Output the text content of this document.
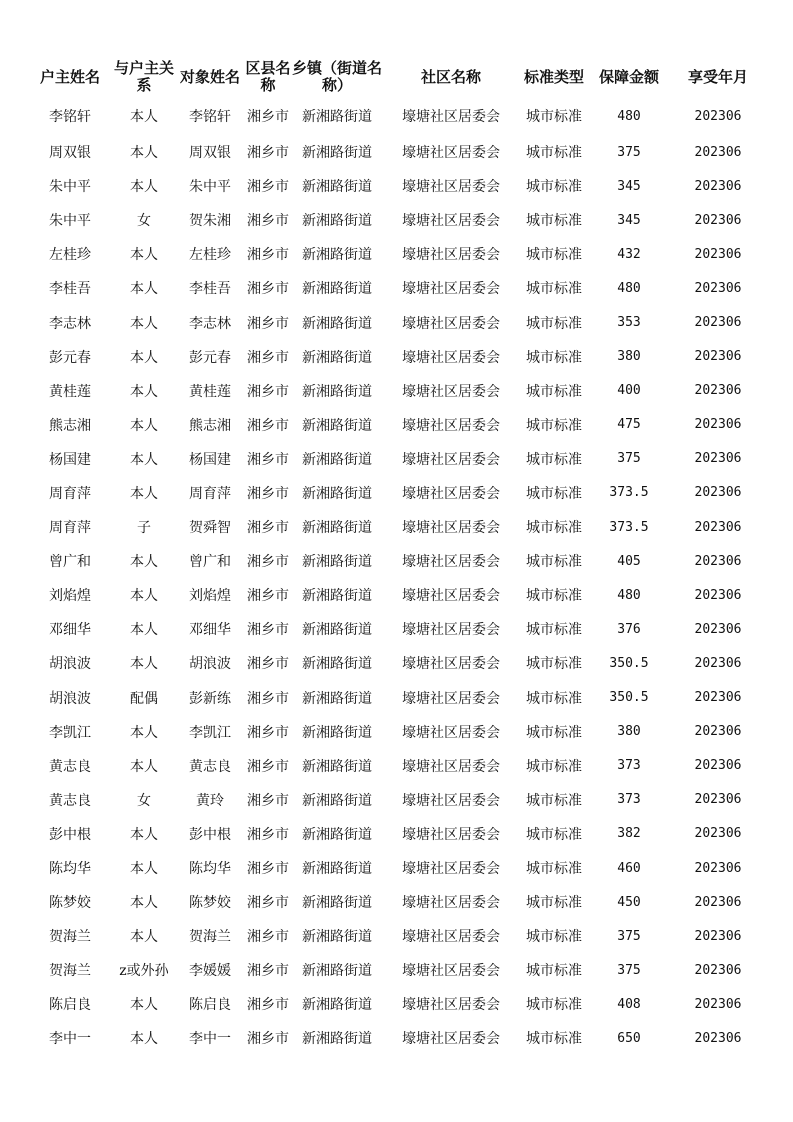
户主姓名	与户主关系	对象姓名	区县名称	乡镇（街道名称）	社区名称	标准类型	保障金额	享受年月
李铭轩	本人	李铭轩	湘乡市	新湘路街道	壕塘社区居委会	城市标准	480	202306
周双银	本人	周双银	湘乡市	新湘路街道	壕塘社区居委会	城市标准	375	202306
朱中平	本人	朱中平	湘乡市	新湘路街道	壕塘社区居委会	城市标准	345	202306
朱中平	女	贺朱湘	湘乡市	新湘路街道	壕塘社区居委会	城市标准	345	202306
左桂珍	本人	左桂珍	湘乡市	新湘路街道	壕塘社区居委会	城市标准	432	202306
李桂吾	本人	李桂吾	湘乡市	新湘路街道	壕塘社区居委会	城市标准	480	202306
李志林	本人	李志林	湘乡市	新湘路街道	壕塘社区居委会	城市标准	353	202306
彭元春	本人	彭元春	湘乡市	新湘路街道	壕塘社区居委会	城市标准	380	202306
黄桂莲	本人	黄桂莲	湘乡市	新湘路街道	壕塘社区居委会	城市标准	400	202306
熊志湘	本人	熊志湘	湘乡市	新湘路街道	壕塘社区居委会	城市标准	475	202306
杨国建	本人	杨国建	湘乡市	新湘路街道	壕塘社区居委会	城市标准	375	202306
周育萍	本人	周育萍	湘乡市	新湘路街道	壕塘社区居委会	城市标准	373.5	202306
周育萍	子	贺舜智	湘乡市	新湘路街道	壕塘社区居委会	城市标准	373.5	202306
曾广和	本人	曾广和	湘乡市	新湘路街道	壕塘社区居委会	城市标准	405	202306
刘焰煌	本人	刘焰煌	湘乡市	新湘路街道	壕塘社区居委会	城市标准	480	202306
邓细华	本人	邓细华	湘乡市	新湘路街道	壕塘社区居委会	城市标准	376	202306
胡浪波	本人	胡浪波	湘乡市	新湘路街道	壕塘社区居委会	城市标准	350.5	202306
胡浪波	配偶	彭新练	湘乡市	新湘路街道	壕塘社区居委会	城市标准	350.5	202306
李凯江	本人	李凯江	湘乡市	新湘路街道	壕塘社区居委会	城市标准	380	202306
黄志良	本人	黄志良	湘乡市	新湘路街道	壕塘社区居委会	城市标准	373	202306
黄志良	女	黄玲	湘乡市	新湘路街道	壕塘社区居委会	城市标准	373	202306
彭中根	本人	彭中根	湘乡市	新湘路街道	壕塘社区居委会	城市标准	382	202306
陈均华	本人	陈均华	湘乡市	新湘路街道	壕塘社区居委会	城市标准	460	202306
陈梦姣	本人	陈梦姣	湘乡市	新湘路街道	壕塘社区居委会	城市标准	450	202306
贺海兰	本人	贺海兰	湘乡市	新湘路街道	壕塘社区居委会	城市标准	375	202306
贺海兰	z或外孙	李媛媛	湘乡市	新湘路街道	壕塘社区居委会	城市标准	375	202306
陈启良	本人	陈启良	湘乡市	新湘路街道	壕塘社区居委会	城市标准	408	202306
李中一	本人	李中一	湘乡市	新湘路街道	壕塘社区居委会	城市标准	650	202306
